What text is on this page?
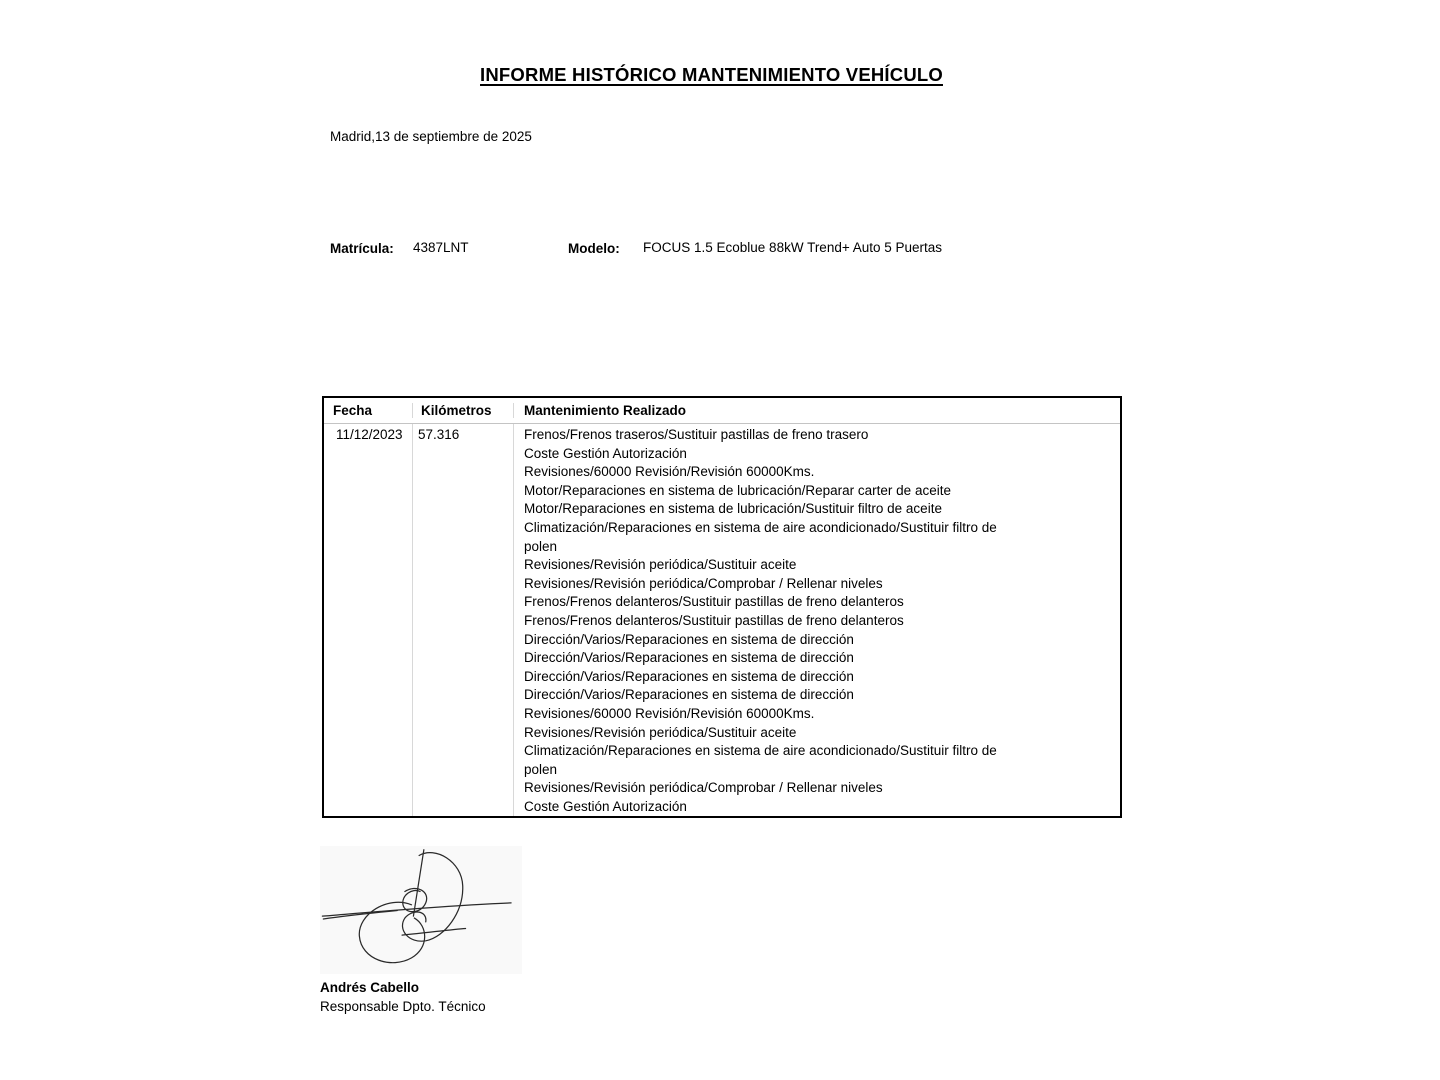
INFORME HISTÓRICO MANTENIMIENTO VEHÍCULO
Madrid,13 de septiembre de 2025
Matrícula: 4387LNT	Modelo: FOCUS 1.5 Ecoblue 88kW Trend+ Auto 5 Puertas
Fecha	Kilómetros	Mantenimiento Realizado
11/12/2023	57.316	Frenos/Frenos traseros/Sustituir pastillas de freno trasero
Coste Gestión Autorización
Revisiones/60000 Revisión/Revisión 60000Kms.
Motor/Reparaciones en sistema de lubricación/Reparar carter de aceite
Motor/Reparaciones en sistema de lubricación/Sustituir filtro de aceite
Climatización/Reparaciones en sistema de aire acondicionado/Sustituir filtro de polen
Revisiones/Revisión periódica/Sustituir aceite
Revisiones/Revisión periódica/Comprobar / Rellenar niveles
Frenos/Frenos delanteros/Sustituir pastillas de freno delanteros
Frenos/Frenos delanteros/Sustituir pastillas de freno delanteros
Dirección/Varios/Reparaciones en sistema de dirección
Dirección/Varios/Reparaciones en sistema de dirección
Dirección/Varios/Reparaciones en sistema de dirección
Dirección/Varios/Reparaciones en sistema de dirección
Revisiones/60000 Revisión/Revisión 60000Kms.
Revisiones/Revisión periódica/Sustituir aceite
Climatización/Reparaciones en sistema de aire acondicionado/Sustituir filtro de polen
Revisiones/Revisión periódica/Comprobar / Rellenar niveles
Coste Gestión Autorización
Andrés Cabello
Responsable Dpto. Técnico
